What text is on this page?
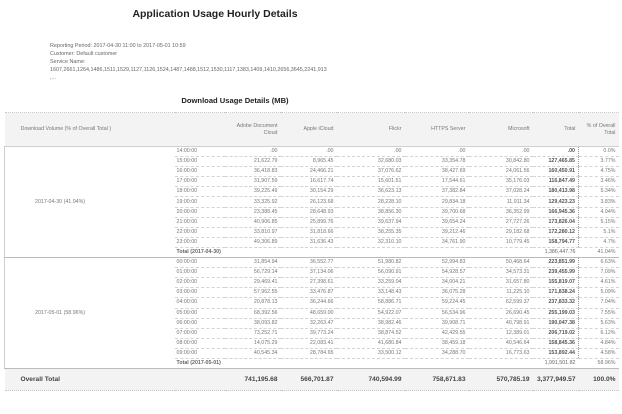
Application Usage Hourly Details
Reporting Period: 2017-04-30 11:00 to 2017-05-01 10:59
Customer: Default customer
Service Name:
1607,2661,1264,1486,1511,1529,1127,1126,1524,1487,1488,1512,1530,1117,1383,1409,1410,2656,3645,2241,913
,...
Download Usage Details (MB)
Download Volume (% of Overall Total )		Adobe Document Cloud	Apple iCloud	Flickr	HTTPS Server	Microsoft	Total	% of Overall Total
2017-04-30 (41.04%)	14:00:00	.00	.00	.00	.00	.00	.00	0.0%
	15:00:00	21,622.79	8,965.45	32,680.03	33,354.78	30,842.80	127,465.85	3.77%
	16:00:00	36,418.83	24,466.21	37,076.62	38,427.69	24,061.56	160,450.91	4.75%
	17:00:00	31,907.59	16,617.74	15,601.51	17,544.61	35,176.03	116,847.49	3.46%
	18:00:00	39,225.49	30,154.29	36,623.13	37,382.84	37,028.24	180,413.98	5.34%
	19:00:00	33,325.92	26,123.68	28,228.10	29,834.18	11,911.34	129,423.23	3.83%
	20:00:00	23,388.45	28,648.93	38,856.30	39,700.68	36,352.99	166,945.36	4.94%
	21:00:00	40,906.85	25,899.76	39,637.94	39,654.24	27,727.26	173,826.04	5.15%
	22:00:00	33,810.97	31,818.66	38,255.35	39,212.46	29,182.68	172,280.12	5.1%
	23:00:00	49,306.89	31,636.43	32,310.10	34,761.90	10,779.45	158,794.77	4.7%
	Total (2017-04-30)						1,386,447.76	41.04%
2017-05-01 (58.96%)	00:00:00	31,854.94	36,552.77	51,980.82	52,994.83	50,468.64	223,851.99	6.63%
	01:00:00	56,729.14	37,134.06	56,090.91	54,928.57	34,573.31	239,455.99	7.09%
	02:00:00	29,469.41	27,398.61	33,259.04	34,004.21	31,657.80	155,819.07	4.61%
	03:00:00	57,962.55	33,476.87	33,148.43	36,075.28	11,225.10	171,838.24	5.09%
	04:00:00	20,878.13	36,244.66	58,886.71	59,224.45	62,599.37	237,833.32	7.04%
	05:00:00	68,392.56	48,659.00	54,922.07	56,534.96	26,690.45	255,199.03	7.55%
	06:00:00	38,093.82	32,263.47	38,982.46	39,908.71	40,798.91	190,047.38	5.63%
	07:00:00	73,252.71	39,773.24	38,874.52	42,429.55	12,389.01	206,719.02	6.12%
	08:00:00	14,075.29	22,083.41	41,680.84	38,459.18	40,546.64	158,845.36	4.84%
	09:00:00	40,545.34	28,784.65	33,500.12	34,288.70	16,773.63	153,892.44	4.58%
	Total (2017-05-01)						1,991,501.82	58.96%
Overall Total		741,195.68	566,701.87	740,594.99	758,671.83	570,785.19	3,377,949.57	100.0%
